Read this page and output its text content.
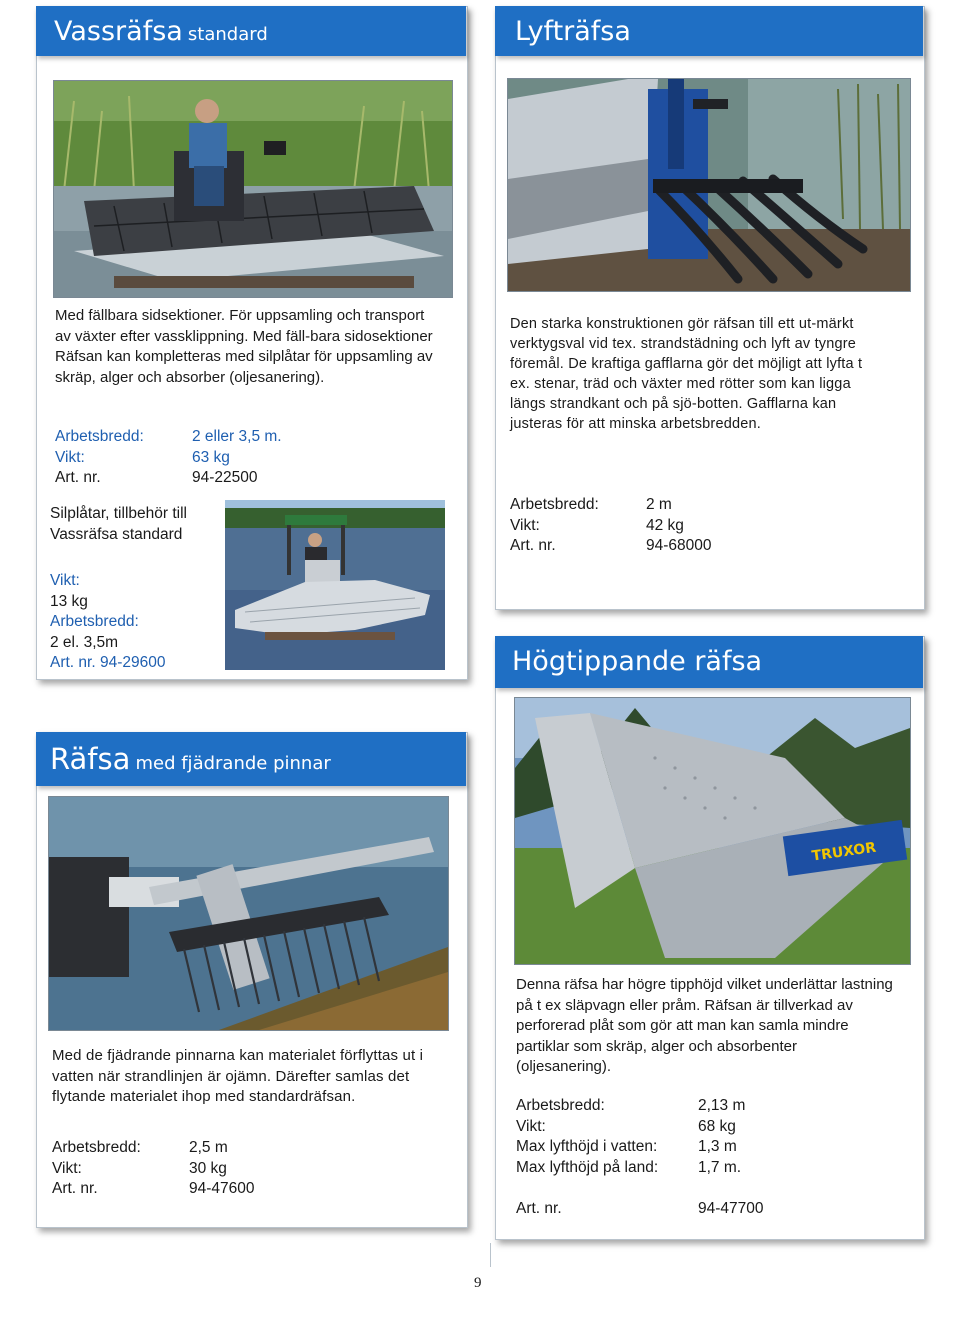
Vassräfsa standard
Med fällbara sidsektioner. För uppsamling och transport av växter efter vassklippning. Med fäll-bara sidosektioner Räfsan kan kompletteras med silplåtar för uppsamling av skräp, alger och absorber (oljesanering).
Arbetsbredd:	2 eller 3,5 m.
Vikt:	63 kg
Art. nr.	94-22500
Silplåtar, tillbehör till
Vassräfsa standard
Vikt:
13 kg
Arbetsbredd:
2 el. 3,5m
Art. nr. 94-29600
Lyfträfsa
Den starka konstruktionen gör räfsan till ett ut-märkt verktygsval vid tex. strandstädning och lyft av tyngre föremål. De kraftiga gafflarna gör det möjligt att lyfta t ex. stenar, träd och växter med rötter som kan ligga längs strandkant och på sjö-botten. Gafflarna kan justeras för att minska arbetsbredden.
Arbetsbredd:	2 m
Vikt:	42 kg
Art. nr.	94-68000
Räfsa med fjädrande pinnar
Med de fjädrande pinnarna kan materialet förflyttas ut i vatten när strandlinjen är ojämn. Därefter samlas det flytande materialet ihop med standardräfsan.
Arbetsbredd:	2,5 m
Vikt:	30 kg
Art. nr.	94-47600
Högtippande räfsa
TRUXOR
Denna räfsa har högre tipphöjd vilket underlättar lastning på t ex släpvagn eller pråm. Räfsan är tillverkad av perforerad plåt som gör att man kan samla mindre partiklar som skräp, alger och absorbenter (oljesanering).
Arbetsbredd:	2,13 m
Vikt:	68 kg
Max lyfthöjd i vatten:	1,3 m
Max lyfthöjd på land:	1,7 m.
Art. nr.	94-47700
9
